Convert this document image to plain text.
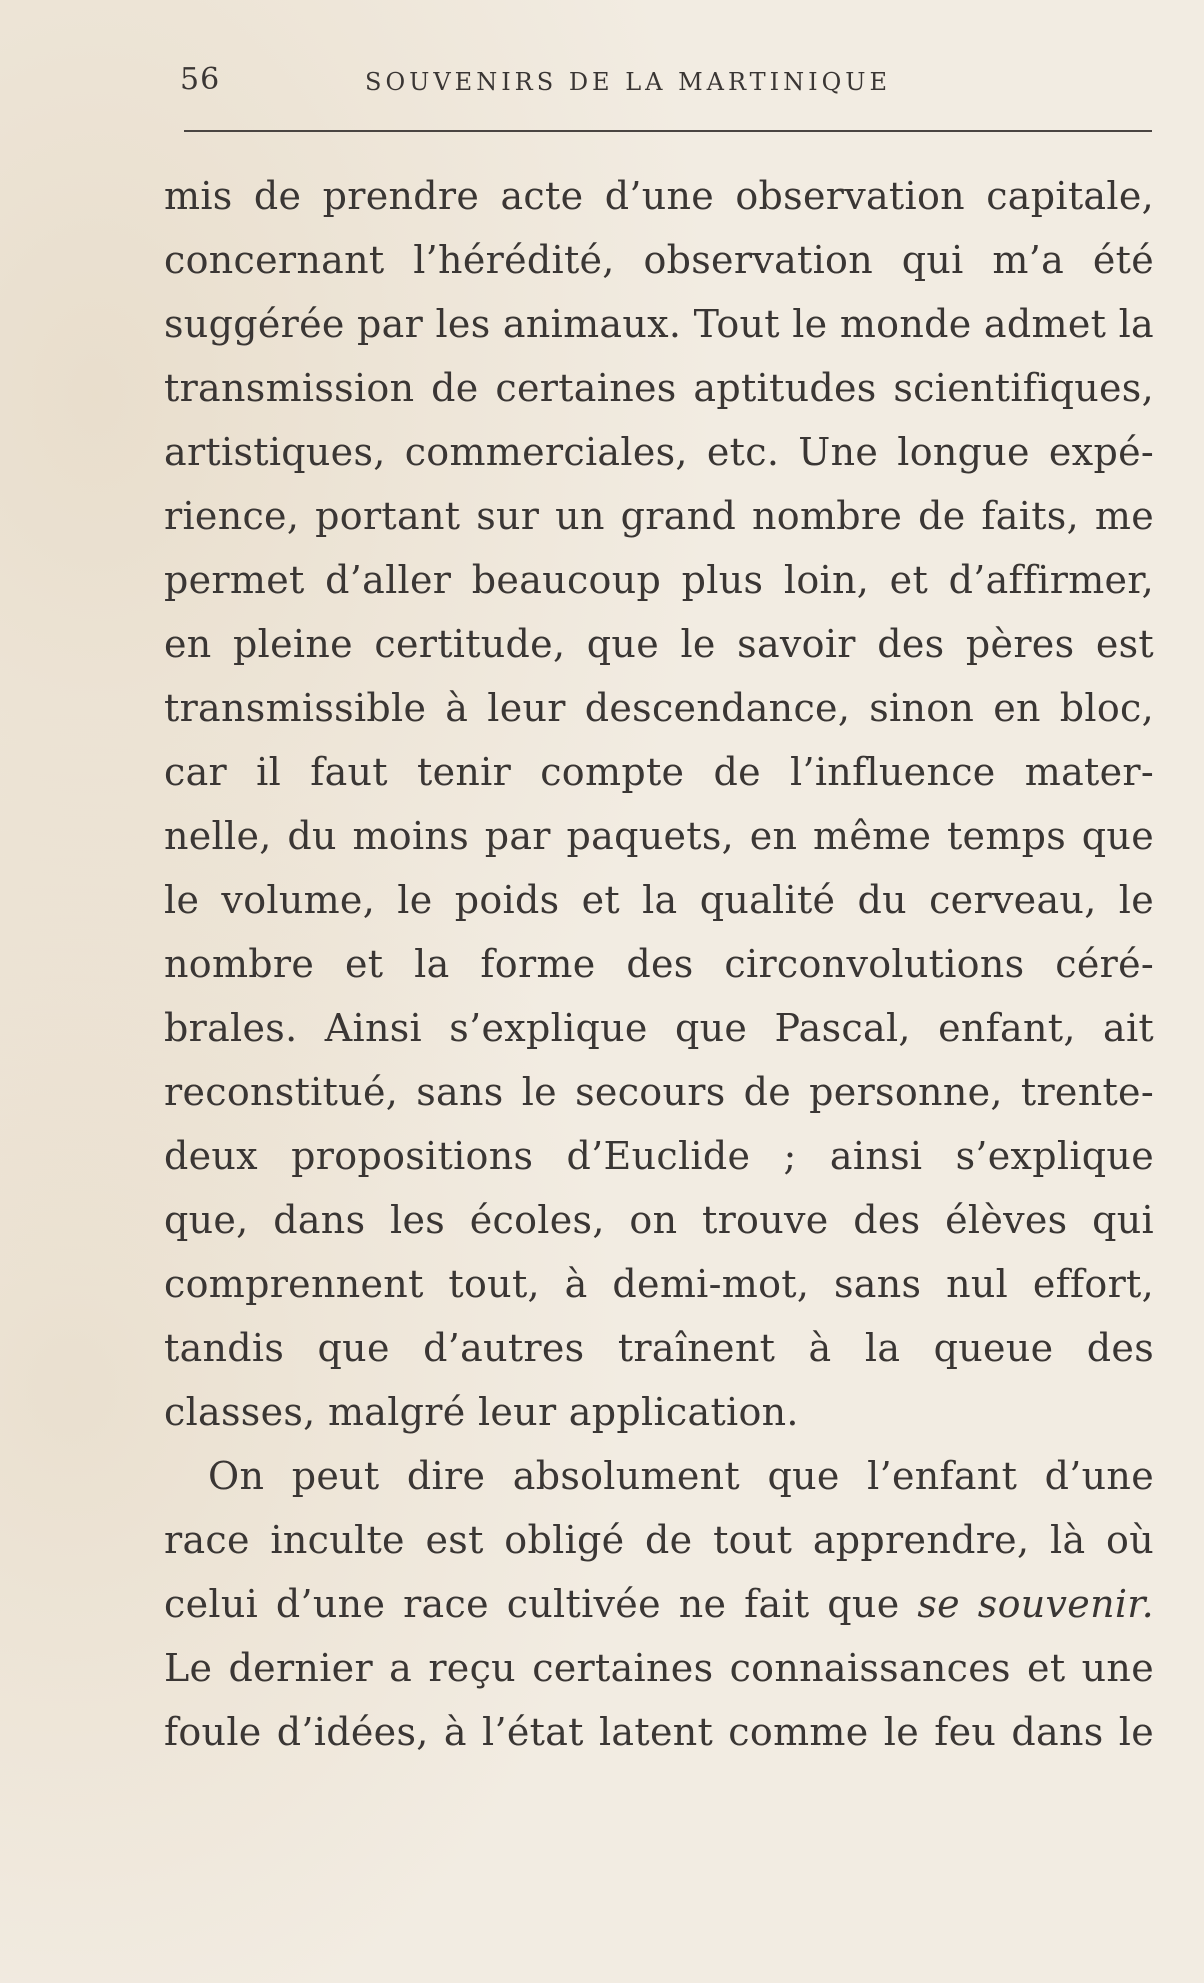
56	SOUVENIRS DE LA MARTINIQUE
mis de prendre acte d’une observation capitale,
concernant l’hérédité, observation qui m’a été
suggérée par les animaux. Tout le monde admet la
transmission de certaines aptitudes scientifiques,
artistiques, commerciales, etc. Une longue expé-
rience, portant sur un grand nombre de faits, me
permet d’aller beaucoup plus loin, et d’affirmer,
en pleine certitude, que le savoir des pères est
transmissible à leur descendance, sinon en bloc,
car il faut tenir compte de l’influence mater-
nelle, du moins par paquets, en même temps que
le volume, le poids et la qualité du cerveau, le
nombre et la forme des circonvolutions céré-
brales. Ainsi s’explique que Pascal, enfant, ait
reconstitué, sans le secours de personne, trente-
deux propositions d’Euclide ; ainsi s’explique
que, dans les écoles, on trouve des élèves qui
comprennent tout, à demi-mot, sans nul effort,
tandis que d’autres traînent à la queue des
classes, malgré leur application.
On peut dire absolument que l’enfant d’une
race inculte est obligé de tout apprendre, là où
celui d’une race cultivée ne fait que se souvenir.
Le dernier a reçu certaines connaissances et une
foule d’idées, à l’état latent comme le feu dans le
